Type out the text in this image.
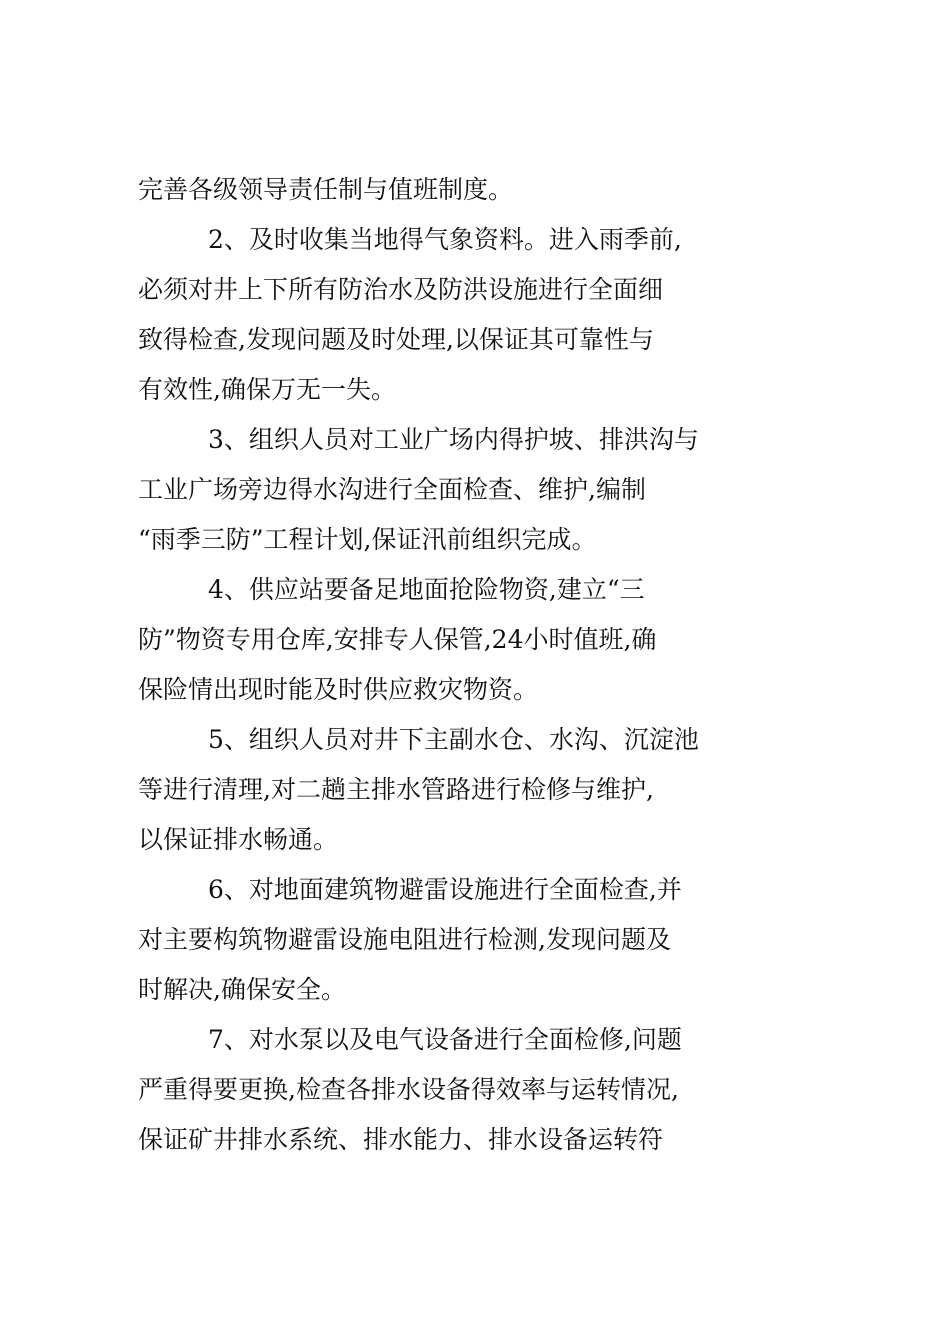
完善各级领导责任制与值班制度。
2、及时收集当地得气象资料。进入雨季前,
必须对井上下所有防治水及防洪设施进行全面细
致得检查,发现问题及时处理,以保证其可靠性与
有效性,确保万无一失。
3、组织人员对工业广场内得护坡、排洪沟与
工业广场旁边得水沟进行全面检查、维护,编制
“雨季三防”工程计划,保证汛前组织完成。
4、供应站要备足地面抢险物资,建立“三
防”物资专用仓库,安排专人保管,24小时值班,确
保险情出现时能及时供应救灾物资。
5、组织人员对井下主副水仓、水沟、沉淀池
等进行清理,对二趟主排水管路进行检修与维护,
以保证排水畅通。
6、对地面建筑物避雷设施进行全面检查,并
对主要构筑物避雷设施电阻进行检测,发现问题及
时解决,确保安全。
7、对水泵以及电气设备进行全面检修,问题
严重得要更换,检查各排水设备得效率与运转情况,
保证矿井排水系统、排水能力、排水设备运转符
